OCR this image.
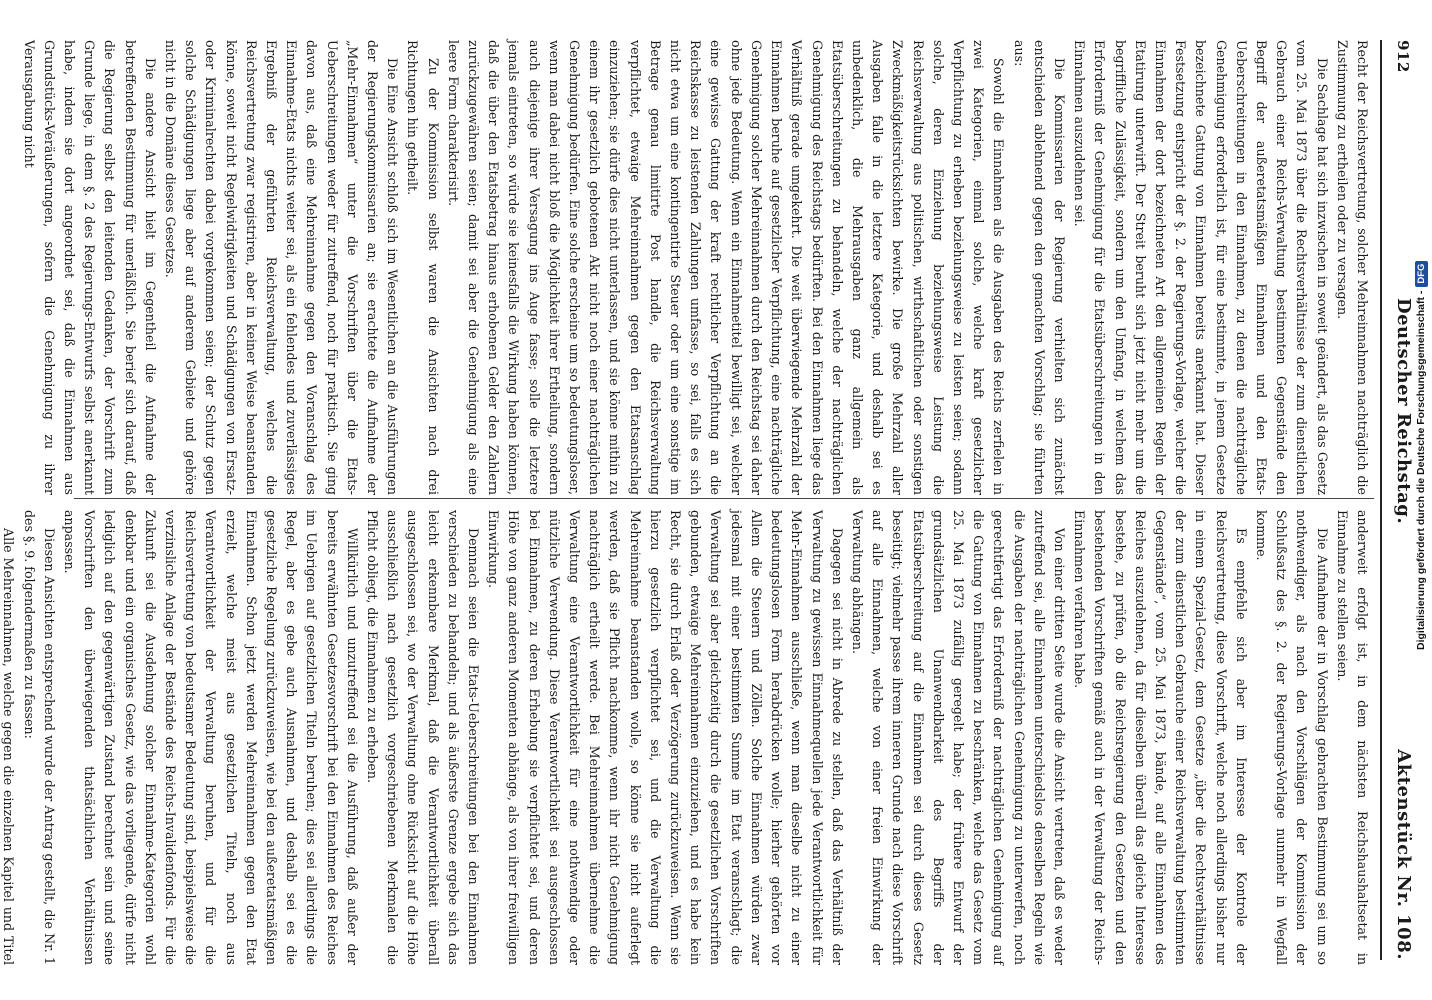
912
Deutscher Reichstag.
Aktenstück Nr. 108.

Recht der Reichsvertretung, solcher Mehreinnahmen nachträglich die Zustimmung zu ertheilen oder zu versagen.

Die Sachlage hat sich inzwischen in soweit geändert, als das Gesetz vom 25. Mai 1873 über die Rechtsverhältnisse der zum dienstlichen Gebrauch einer Reichs-Verwaltung bestimmten Gegenstände den Begriff der außeretatsmäßigen Einnahmen und den Etats-Ueberschreitungen in den Einnahmen, zu denen die nachträgliche Genehmigung erforderlich ist, für eine bestimmte, in jenem Gesetze bezeichnete Gattung von Einnahmen bereits anerkannt hat. Dieser Festsetzung entspricht der §. 2. der Regierungs-Vorlage, welcher die Einnahmen der dort bezeichneten Art den allgemeinen Regeln der Etatirung unterwirft. Der Streit beruht sich jetzt nicht mehr um die begriffliche Zulässigkeit, sondern um den Umfang, in welchem das Erforderniß der Genehmigung für die Etatsüberschreitungen in den Einnahmen auszudehnen sei.

Die Kommissarien der Regierung verhielten sich zunächst entschieden ablehnend gegen den gemachten Vorschlag; sie führten aus:

Sowohl die Einnahmen als die Ausgaben des Reichs zerfielen in zwei Kategorien, einmal solche, welche kraft gesetzlicher Verpflichtung zu erheben beziehungsweise zu leisten seien; sodann solche, deren Einziehung beziehungsweise Leistung die Reichsverwaltung aus politischen, wirthschaftlichen oder sonstigen Zweckmäßigkeitsrücksichten bewirke. Die große Mehrzahl aller Ausgaben falle in die letztere Kategorie, und deshalb sei es unbedenklich, die Mehrausgaben ganz allgemein als Etatsüberschreitungen zu behandeln, welche der nachträglichen Genehmigung des Reichstags bedürften. Bei den Einnahmen liege das Verhältniß gerade umgekehrt. Die weit überwiegende Mehrzahl der Einnahmen beruhe auf gesetzlicher Verpflichtung, eine nachträgliche Genehmigung solcher Mehreinnahmen durch den Reichstag sei daher ohne jede Bedeutung. Wenn ein Einnahmetitel bewilligt sei, welcher eine gewisse Gattung der kraft rechtlicher Verpflichtung an die Reichskasse zu leistenden Zahlungen umfasse, so sei, falls es sich nicht etwa um eine kontingentirte Steuer oder um eine sonstige im Betrage genau limitirte Post handle, die Reichsverwaltung verpflichtet, etwaige Mehreinnahmen gegen den Etatsanschlag einzuziehen; sie dürfe dies nicht unterlassen, und sie könne mithin zu einem ihr gesetzlich gebotenen Akt nicht noch einer nachträglichen Genehmigung bedürfen. Eine solche erscheine um so bedeutungsloser, wenn man dabei nicht bloß die Möglichkeit ihrer Ertheilung, sondern auch diejenige ihrer Versagung ins Auge fasse; solle die letztere jemals eintreten, so würde sie keinesfalls die Wirkung haben können, daß die über den Etatsbetrag hinaus erhobenen Gelder den Zahlern zurückzugewähren seien; damit sei aber die Genehmigung als eine leere Form charakterisirt.

Zu der Kommission selbst waren die Ansichten nach drei Richtungen hin getheilt.

Die Eine Ansicht schloß sich im Wesentlichen an die Ausführungen der Regierungskommissarien an; sie erachtete die Aufnahme der „Mehr-Einnahmen“ unter die Vorschriften über die Etats-Ueberschreitungen weder für zutreffend, noch für praktisch. Sie ging davon aus, daß eine Mehreinnahme gegen den Voranschlag des Einnahme-Etats nichts weiter sei, als ein fehlendes und zuverlässiges Ergebniß der geführten Reichsverwaltung, welches die Reichsvertretung zwar registriren, aber in keiner Weise beanstanden könne, soweit nicht Regelwidrigkeiten und Schädigungen von Ersatz- oder Kriminalrechten dabei vorgekommen seien; der Schutz gegen solche Schädigungen liege aber auf anderem Gebiete und gehöre nicht in die Domäne dieses Gesetzes.

Die andere Ansicht hielt im Gegentheil die Aufnahme der betreffenden Bestimmung für unerläßlich. Sie berief sich darauf, daß die Regierung selbst den leitenden Gedanken, der Vorschrift zum Grunde liege, in dem §. 2 des Regierungs-Entwurfs selbst anerkannt habe, indem sie dort angeordnet sei, daß die Einnahmen aus Grundstücks-Veräußerungen, sofern die Genehmigung zu ihrer Verausgabung nicht

anderweit erfolgt ist, in dem nächsten Reichshaushaltsetat in Einnahme zu stellen seien.

Die Aufnahme der in Vorschlag gebrachten Bestimmung sei um so nothwendiger, als nach den Vorschlägen der Kommission der Schlußsatz des §. 2. der Regierungs-Vorlage nunmehr in Wegfall komme.

Es empfehle sich aber im Interesse der Kontrole der Reichsvertretung, diese Vorschrift, welche noch allerdings bisher nur in einem Spezial-Gesetz, dem Gesetze „über die Rechtsverhältnisse der zum dienstlichen Gebrauche einer Reichsverwaltung bestimmten Gegenstände“, vom 25. Mai 1873, bände, auf alle Einnahmen des Reiches auszudehnen, da für dieselben überall das gleiche Interesse bestehe, zu prüfen, ob die Reichsregierung den Gesetzen und den bestehenden Vorschriften gemäß auch in der Verwaltung der Reichs-Einnahmen verfahren habe.

Von einer dritten Seite wurde die Ansicht vertreten, daß es weder zutreffend sei, alle Einnahmen unterschiedslos denselben Regeln wie die Ausgaben der nachträglichen Genehmigung zu unterwerfen, noch gerechtfertigt das Erforderniß der nachträglichen Genehmigung auf die Gattung von Einnahmen zu beschränken, welche das Gesetz vom 25. Mai 1873 zufällig geregelt habe; der frühere Entwurf der grundsätzlichen Unanwendbarkeit des Begriffs der Etatsüberschreitung auf die Einnahmen sei durch dieses Gesetz beseitigt; vielmehr passe ihrem inneren Grunde nach diese Vorschrift auf alle Einnahmen, welche von einer freien Einwirkung der Verwaltung abhängen.

Dagegen sei nicht in Abrede zu stellen, daß das Verhältniß der Verwaltung zu gewissen Einnahmequellen jede Verantwortlichkeit für Mehr-Einnahmen ausschließe, wenn man dieselbe nicht zu einer bedeutungslosen Form herabdrücken wolle; hierher gehörten vor Allem die Steuern und Zöllen. Solche Einnahmen würden zwar jedesmal mit einer bestimmten Summe im Etat veranschlagt; die Verwaltung sei aber gleichzeitig durch die gesetzlichen Vorschriften gebunden, etwaige Mehreinnahmen einzuziehen, und es habe kein Recht, sie durch Erlaß oder Verzögerung zurückzuweisen. Wenn sie hierzu gesetzlich verpflichtet sei, und die Verwaltung die Mehreinnahme beanstanden wolle, so könne sie nicht auferlegt werden, daß sie Pflicht nachkomme, wenn ihr nicht Genehmigung nachträglich ertheilt werde. Bei Mehreinnahmen übernehme die Verwaltung eine Verantwortlichkeit für eine nothwendige oder nützliche Verwendung. Diese Verantwortlichkeit sei ausgeschlossen bei Einnahmen, zu deren Erhebung sie verpflichtet sei, und deren Höhe von ganz anderen Momenten abhänge, als von ihrer freiwilligen Einwirkung.

Demnach seien die Etats-Ueberschreitungen bei den Einnahmen verschieden zu behandeln; und als äußerste Grenze ergebe sich das leicht erkennbare Merkmal, daß die Verantwortlichkeit überall ausgeschlossen sei, wo der Verwaltung ohne Rücksicht auf die Höhe ausschließlich nach gesetzlich vorgeschriebenen Merkmalen die Pflicht obliegt, die Einnahmen zu erheben.

Willkürlich und unzutreffend sei die Ausführung, daß außer der bereits erwähnten Gesetzesvorschrift bei den Einnahmen des Reiches im Uebrigen auf gesetzlichen Titeln beruhen; dies sei allerdings die Regel, aber es gebe auch Ausnahmen, und deshalb sei es die gesetzliche Regelung zurückzuweisen, wie bei den außeretatsmäßigen Einnahmen. Schon jetzt werden Mehreinnahmen gegen den Etat erzielt, welche meist aus gesetzlichen Titeln, noch aus Verantwortlichkeit der Verwaltung beruhen, und für die Reichsvertretung von bedeutsamer Bedeutung sind, beispielsweise die verzinsliche Anlage der Bestände des Reichs-Invalidenfonds. Für die Zukunft sei die Ausdehnung solcher Einnahme-Kategorien wohl denkbar und ein organisches Gesetz, wie das vorliegende, dürfe nicht lediglich auf den gegenwärtigen Zustand berechnet sein und seine Vorschriften den überwiegenden thatsächlichen Verhältnissen anpassen.

Diesen Ansichten entsprechend wurde der Antrag gestellt, die Nr. 1 des §. 9. folgendermaßen zu fassen:

Alle Mehreinnahmen, welche gegen die einzelnen Kapitel und Titel

Digitalisierung gefördert durch die Deutsche Forschungsgemeinschaft -
DFG
